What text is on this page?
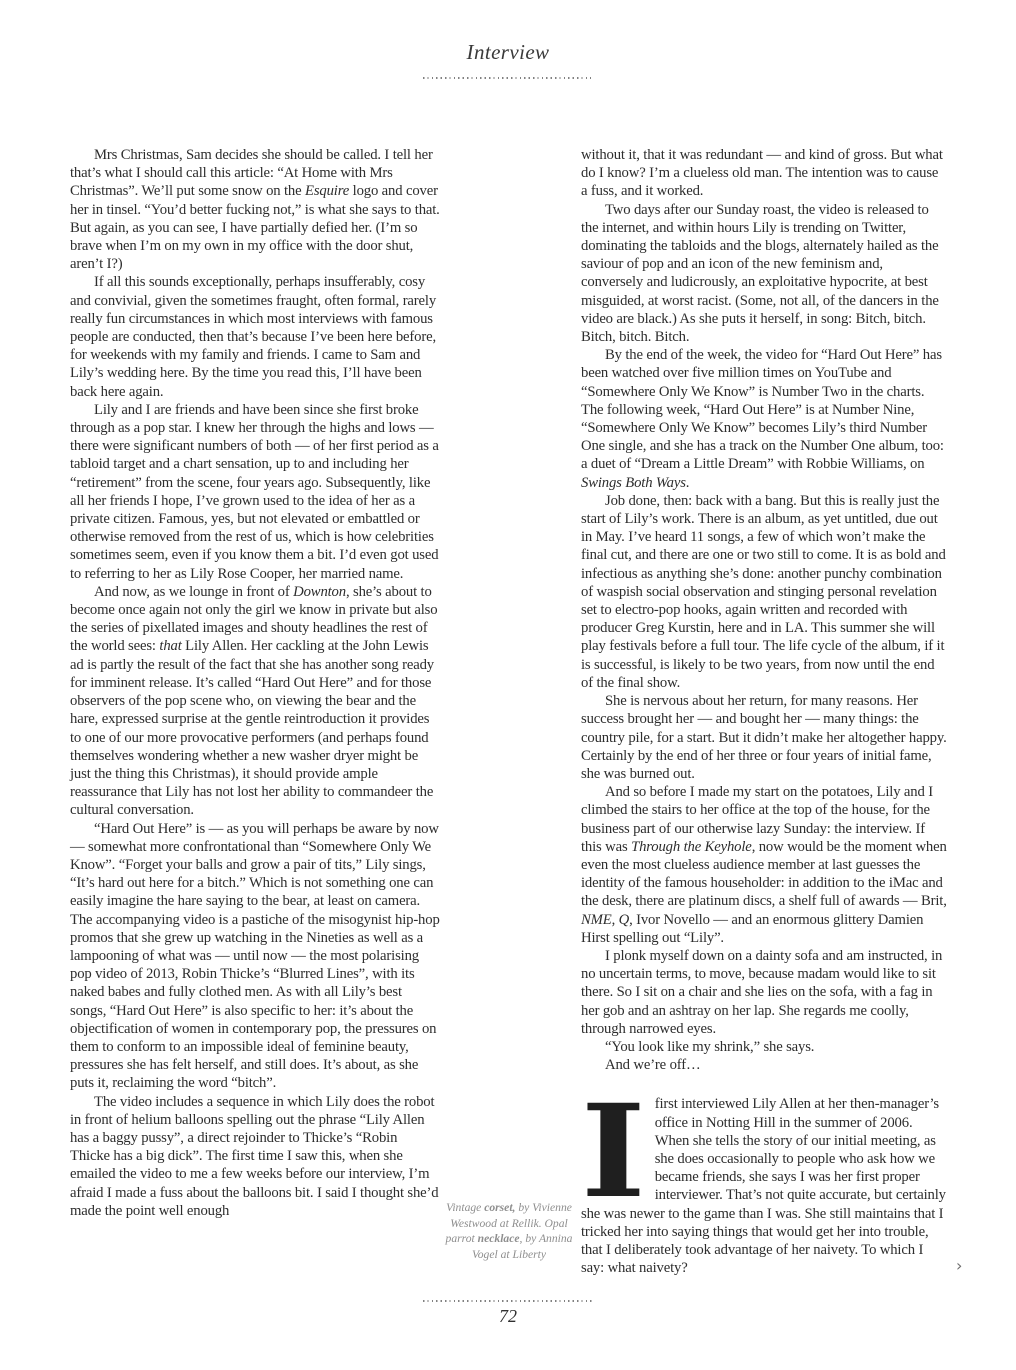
Interview

Mrs Christmas, Sam decides she should be called. I tell her that’s what I should call this article: “At Home with Mrs Christmas”. We’ll put some snow on the Esquire logo and cover her in tinsel. “You’d better fucking not,” is what she says to that. But again, as you can see, I have partially defied her. (I’m so brave when I’m on my own in my office with the door shut, aren’t I?)

If all this sounds exceptionally, perhaps insufferably, cosy and convivial, given the sometimes fraught, often formal, rarely really fun circumstances in which most interviews with famous people are conducted, then that’s because I’ve been here before, for weekends with my family and friends. I came to Sam and Lily’s wedding here. By the time you read this, I’ll have been back here again.

Lily and I are friends and have been since she first broke through as a pop star. I knew her through the highs and lows — there were significant numbers of both — of her first period as a tabloid target and a chart sensation, up to and including her “retirement” from the scene, four years ago. Subsequently, like all her friends I hope, I’ve grown used to the idea of her as a private citizen. Famous, yes, but not elevated or embattled or otherwise removed from the rest of us, which is how celebrities sometimes seem, even if you know them a bit. I’d even got used to referring to her as Lily Rose Cooper, her married name.

And now, as we lounge in front of Downton, she’s about to become once again not only the girl we know in private but also the series of pixellated images and shouty headlines the rest of the world sees: that Lily Allen. Her cackling at the John Lewis ad is partly the result of the fact that she has another song ready for imminent release. It’s called “Hard Out Here” and for those observers of the pop scene who, on viewing the bear and the hare, expressed surprise at the gentle reintroduction it provides to one of our more provocative performers (and perhaps found themselves wondering whether a new washer dryer might be just the thing this Christmas), it should provide ample reassurance that Lily has not lost her ability to commandeer the cultural conversation.

“Hard Out Here” is — as you will perhaps be aware by now — somewhat more confrontational than “Somewhere Only We Know”. “Forget your balls and grow a pair of tits,” Lily sings, “It’s hard out here for a bitch.” Which is not something one can easily imagine the hare saying to the bear, at least on camera. The accompanying video is a pastiche of the misogynist hip-hop promos that she grew up watching in the Nineties as well as a lampooning of what was — until now — the most polarising pop video of 2013, Robin Thicke’s “Blurred Lines”, with its naked babes and fully clothed men. As with all Lily’s best songs, “Hard Out Here” is also specific to her: it’s about the objectification of women in contemporary pop, the pressures on them to conform to an impossible ideal of feminine beauty, pressures she has felt herself, and still does. It’s about, as she puts it, reclaiming the word “bitch”.

The video includes a sequence in which Lily does the robot in front of helium balloons spelling out the phrase “Lily Allen has a baggy pussy”, a direct rejoinder to Thicke’s “Robin Thicke has a big dick”. The first time I saw this, when she emailed the video to me a few weeks before our interview, I’m afraid I made a fuss about the balloons bit. I said I thought she’d made the point well enough

without it, that it was redundant — and kind of gross. But what do I know? I’m a clueless old man. The intention was to cause a fuss, and it worked.

Two days after our Sunday roast, the video is released to the internet, and within hours Lily is trending on Twitter, dominating the tabloids and the blogs, alternately hailed as the saviour of pop and an icon of the new feminism and, conversely and ludicrously, an exploitative hypocrite, at best misguided, at worst racist. (Some, not all, of the dancers in the video are black.) As she puts it herself, in song: Bitch, bitch. Bitch, bitch. Bitch.

By the end of the week, the video for “Hard Out Here” has been watched over five million times on YouTube and “Somewhere Only We Know” is Number Two in the charts. The following week, “Hard Out Here” is at Number Nine, “Somewhere Only We Know” becomes Lily’s third Number One single, and she has a track on the Number One album, too: a duet of “Dream a Little Dream” with Robbie Williams, on Swings Both Ways.

Job done, then: back with a bang. But this is really just the start of Lily’s work. There is an album, as yet untitled, due out in May. I’ve heard 11 songs, a few of which won’t make the final cut, and there are one or two still to come. It is as bold and infectious as anything she’s done: another punchy combination of waspish social observation and stinging personal revelation set to electro-pop hooks, again written and recorded with producer Greg Kurstin, here and in LA. This summer she will play festivals before a full tour. The life cycle of the album, if it is successful, is likely to be two years, from now until the end of the final show.

She is nervous about her return, for many reasons. Her success brought her — and bought her — many things: the country pile, for a start. But it didn’t make her altogether happy. Certainly by the end of her three or four years of initial fame, she was burned out.

And so before I made my start on the potatoes, Lily and I climbed the stairs to her office at the top of the house, for the business part of our otherwise lazy Sunday: the interview. If this was Through the Keyhole, now would be the moment when even the most clueless audience member at last guesses the identity of the famous householder: in addition to the iMac and the desk, there are platinum discs, a shelf full of awards — Brit, NME, Q, Ivor Novello — and an enormous glittery Damien Hirst spelling out “Lily”.

I plonk myself down on a dainty sofa and am instructed, in no uncertain terms, to move, because madam would like to sit there. So I sit on a chair and she lies on the sofa, with a fag in her gob and an ashtray on her lap. She regards me coolly, through narrowed eyes.

“You look like my shrink,” she says.

And we’re off…

Ifirst interviewed Lily Allen at her then-manager’s office in Notting Hill in the summer of 2006. When she tells the story of our initial meeting, as she does occasionally to people who ask how we became friends, she says I was her first proper interviewer. That’s not quite accurate, but certainly she was newer to the game than I was. She still maintains that I tricked her into saying things that would get her into trouble, that I deliberately took advantage of her naivety. To which I say: what naivety?
Vintage corset, by Vivienne Westwood at Rellik. Opal parrot necklace, by Annina Vogel at Liberty
›
72
